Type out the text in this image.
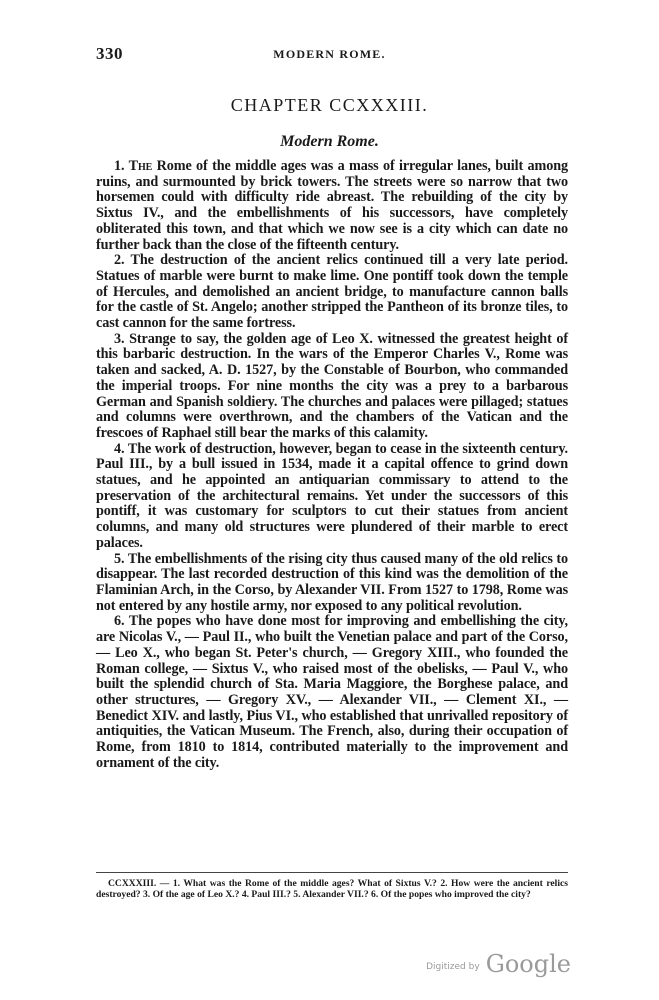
330	MODERN ROME.
CHAPTER CCXXXIII.
Modern Rome.

1. The Rome of the middle ages was a mass of irregular lanes, built among ruins, and surmounted by brick towers. The streets were so narrow that two horsemen could with difficulty ride abreast. The rebuilding of the city by Sixtus IV., and the embellishments of his successors, have completely obliterated this town, and that which we now see is a city which can date no further back than the close of the fifteenth century.

2. The destruction of the ancient relics continued till a very late period. Statues of marble were burnt to make lime. One pontiff took down the temple of Hercules, and demolished an ancient bridge, to manufacture cannon balls for the castle of St. Angelo; another stripped the Pantheon of its bronze tiles, to cast cannon for the same fortress.

3. Strange to say, the golden age of Leo X. witnessed the greatest height of this barbaric destruction. In the wars of the Emperor Charles V., Rome was taken and sacked, A. D. 1527, by the Constable of Bourbon, who commanded the imperial troops. For nine months the city was a prey to a barbarous German and Spanish soldiery. The churches and palaces were pillaged; statues and columns were overthrown, and the chambers of the Vatican and the frescoes of Raphael still bear the marks of this calamity.

4. The work of destruction, however, began to cease in the sixteenth century. Paul III., by a bull issued in 1534, made it a capital offence to grind down statues, and he appointed an antiquarian commissary to attend to the preservation of the architectural remains. Yet under the successors of this pontiff, it was customary for sculptors to cut their statues from ancient columns, and many old structures were plundered of their marble to erect palaces.

5. The embellishments of the rising city thus caused many of the old relics to disappear. The last recorded destruction of this kind was the demolition of the Flaminian Arch, in the Corso, by Alexander VII. From 1527 to 1798, Rome was not entered by any hostile army, nor exposed to any political revolution.

6. The popes who have done most for improving and embellishing the city, are Nicolas V., — Paul II., who built the Venetian palace and part of the Corso, — Leo X., who began St. Peter's church, — Gregory XIII., who founded the Roman college, — Sixtus V., who raised most of the obelisks, — Paul V., who built the splendid church of Sta. Maria Maggiore, the Borghese palace, and other structures, — Gregory XV., — Alexander VII., — Clement XI., — Benedict XIV. and lastly, Pius VI., who established that unrivalled repository of antiquities, the Vatican Museum. The French, also, during their occupation of Rome, from 1810 to 1814, contributed materially to the improvement and ornament of the city.

CCXXXIII. — 1. What was the Rome of the middle ages? What of Sixtus V.? 2. How were the ancient relics destroyed? 3. Of the age of Leo X.? 4. Paul III.? 5. Alexander VII.? 6. Of the popes who improved the city?
Digitized by Google
